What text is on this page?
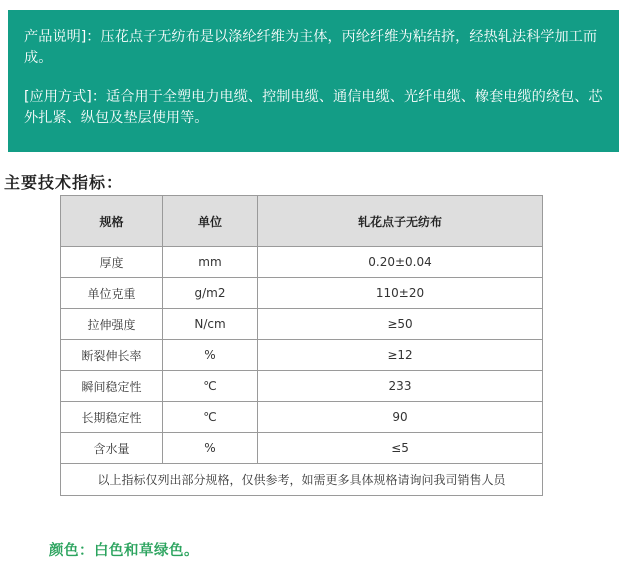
产品说明]：压花点子无纺布是以涤纶纤维为主体，丙纶纤维为粘结挤，经热轧法科学加工而成。

[应用方式]：适合用于全塑电力电缆、控制电缆、通信电缆、光纤电缆、橡套电缆的绕包、芯外扎紧、纵包及垫层使用等。

主要技术指标：
规格	单位	轧花点子无纺布
厚度	mm	0.20±0.04
单位克重	g/m2	110±20
拉伸强度	N/cm	≥50
断裂伸长率	%	≥12
瞬间稳定性	℃	233
长期稳定性	℃	90
含水量	%	≤5
以上指标仅列出部分规格，仅供参考，如需更多具体规格请询问我司销售人员		

颜色：白色和草绿色。
